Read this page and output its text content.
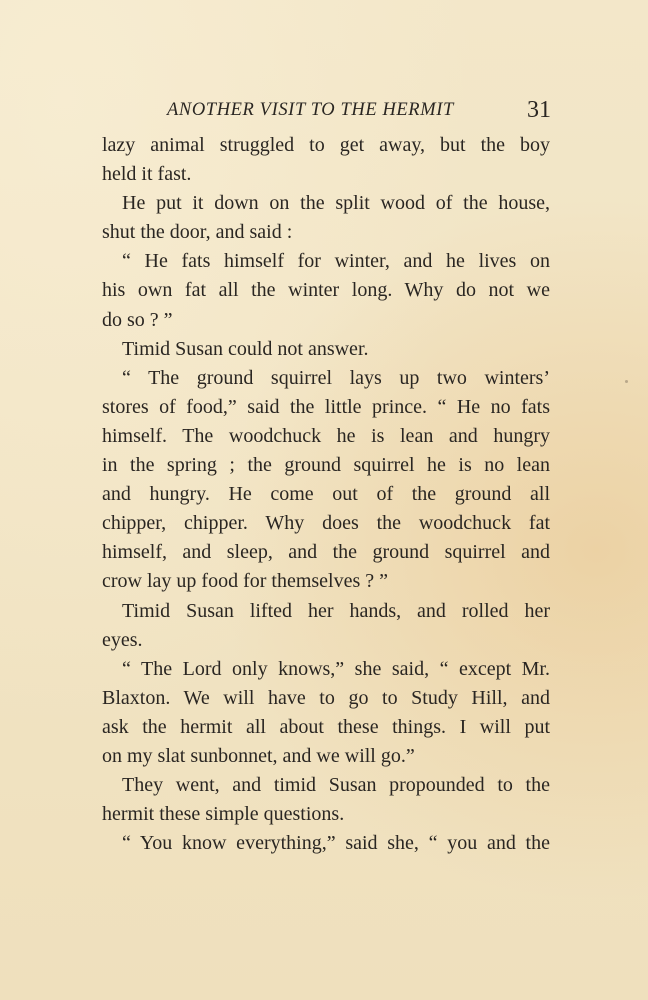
ANOTHER VISIT TO THE HERMIT	31
lazy animal struggled to get away, but the boy
held it fast.
He put it down on the split wood of the house,
shut the door, and said :
“ He fats himself for winter, and he lives on
his own fat all the winter long. Why do not we
do so ? ”
Timid Susan could not answer.
“ The ground squirrel lays up two winters’
stores of food,” said the little prince. “ He no fats
himself. The woodchuck he is lean and hungry
in the spring ; the ground squirrel he is no lean
and hungry. He come out of the ground all
chipper, chipper. Why does the woodchuck fat
himself, and sleep, and the ground squirrel and
crow lay up food for themselves ? ”
Timid Susan lifted her hands, and rolled her
eyes.
“ The Lord only knows,” she said, “ except Mr.
Blaxton. We will have to go to Study Hill, and
ask the hermit all about these things. I will put
on my slat sunbonnet, and we will go.”
They went, and timid Susan propounded to the
hermit these simple questions.
“ You know everything,” said she, “ you and the
